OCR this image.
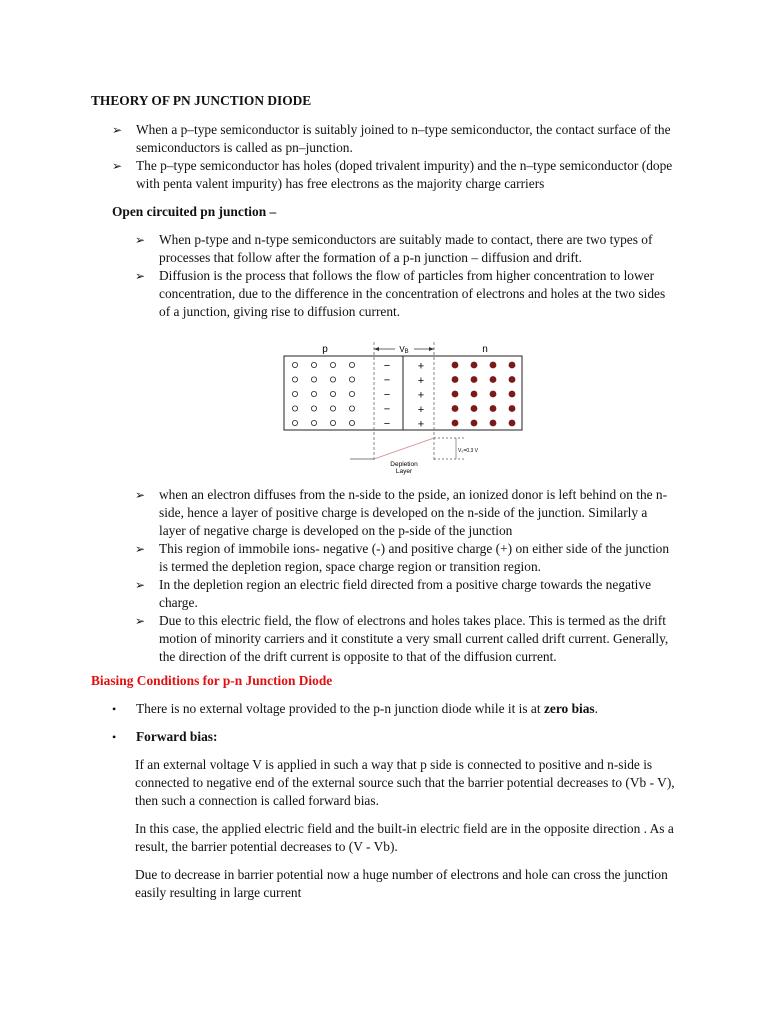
THEORY OF PN JUNCTION DIODE
➢ When a p–type semiconductor is suitably joined to n–type semiconductor, the contact surface of the semiconductors is called as pn–junction.
➢ The p–type semiconductor has holes (doped trivalent impurity) and the n–type semiconductor (dope with penta valent impurity) has free electrons as the majority charge carriers
Open circuited pn junction –
➢ When p-type and n-type semiconductors are suitably made to contact, there are two types of processes that follow after the formation of a p-n junction – diffusion and drift.
➢ Diffusion is the process that follows the flow of particles from higher concentration to lower concentration, due to the difference in the concentration of electrons and holes at the two sides of a junction, giving rise to diffusion current.
p	n
VB
−
−
−
−
−
+
+
+
+
+
V₀=0.3 V
Depletion
Layer
➢ when an electron diffuses from the n-side to the pside, an ionized donor is left behind on the n-side, hence a layer of positive charge is developed on the n-side of the junction. Similarly a layer of negative charge is developed on the p-side of the junction
➢ This region of immobile ions- negative (-) and positive charge (+) on either side of the junction is termed the depletion region, space charge region or transition region.
➢ In the depletion region an electric field directed from a positive charge towards the negative charge.
➢ Due to this electric field, the flow of electrons and holes takes place. This is termed as the drift motion of minority carriers and it constitute a very small current called drift current. Generally, the direction of the drift current is opposite to that of the diffusion current.
Biasing Conditions for p-n Junction Diode
• There is no external voltage provided to the p-n junction diode while it is at zero bias.
• Forward bias:

If an external voltage V is applied in such a way that p side is connected to positive and n-side is connected to negative end of the external source such that the barrier potential decreases to (Vb - V), then such a connection is called forward bias.

In this case, the applied electric field and the built-in electric field are in the opposite direction . As a result, the barrier potential decreases to (V - Vb).

Due to decrease in barrier potential now a huge number of electrons and hole can cross the junction easily resulting in large current
